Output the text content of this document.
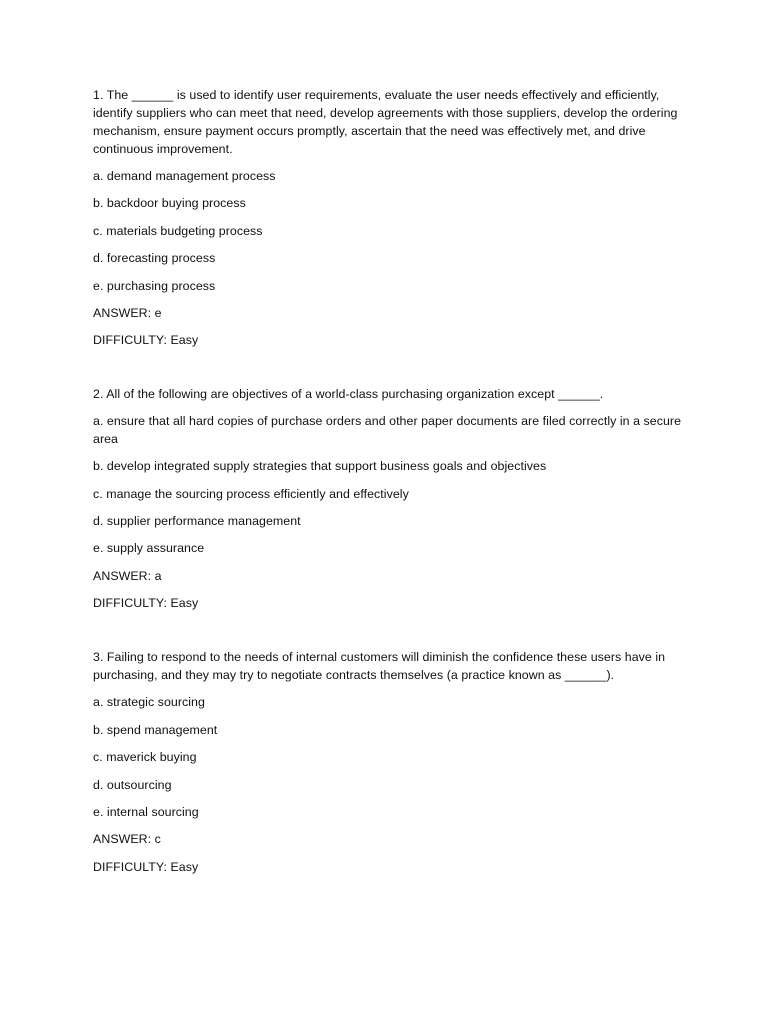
1. The ______ is used to identify user requirements, evaluate the user needs effectively and efficiently, identify suppliers who can meet that need, develop agreements with those suppliers, develop the ordering mechanism, ensure payment occurs promptly, ascertain that the need was effectively met, and drive continuous improvement.

a. demand management process

b. backdoor buying process

c. materials budgeting process

d. forecasting process

e. purchasing process

ANSWER: e

DIFFICULTY: Easy

2. All of the following are objectives of a world-class purchasing organization except ______.

a. ensure that all hard copies of purchase orders and other paper documents are filed correctly in a secure area

b. develop integrated supply strategies that support business goals and objectives

c. manage the sourcing process efficiently and effectively

d. supplier performance management

e. supply assurance

ANSWER: a

DIFFICULTY: Easy

3. Failing to respond to the needs of internal customers will diminish the confidence these users have in purchasing, and they may try to negotiate contracts themselves (a practice known as ______).

a. strategic sourcing

b. spend management

c. maverick buying

d. outsourcing

e. internal sourcing

ANSWER: c

DIFFICULTY: Easy
